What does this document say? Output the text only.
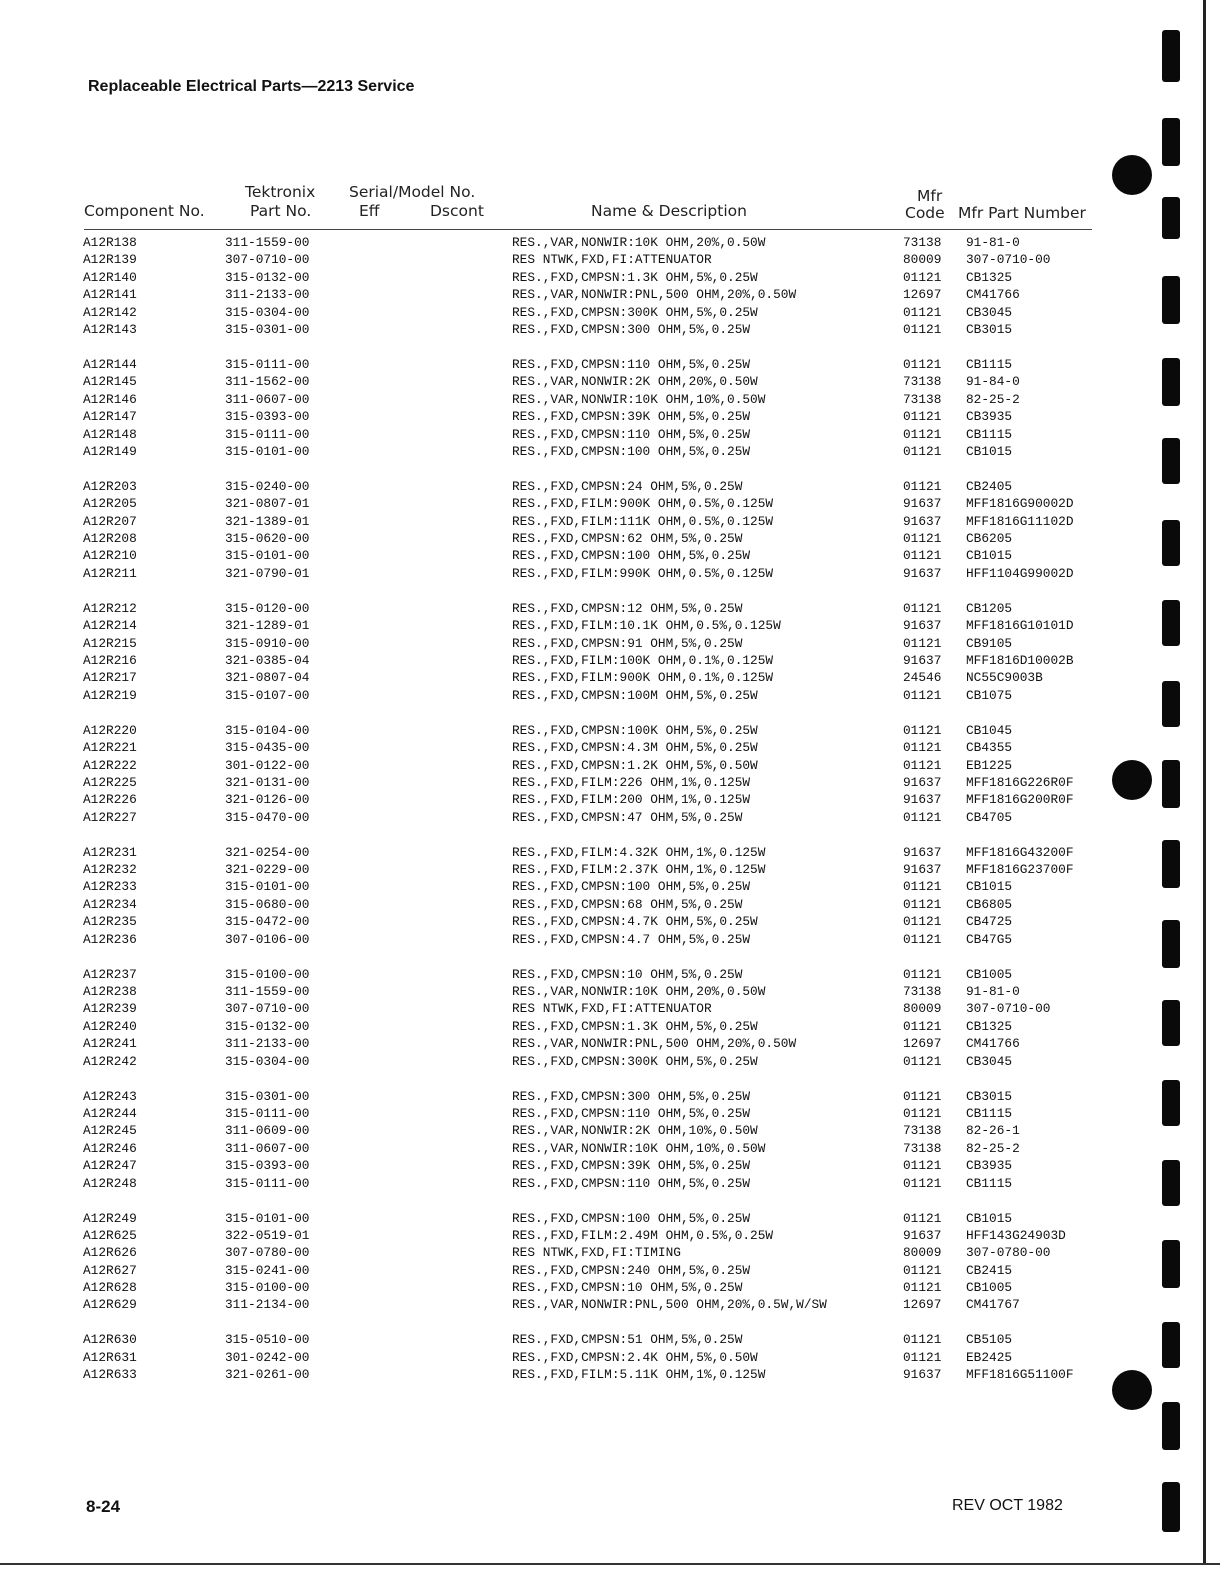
Replaceable Electrical Parts—2213 Service
Component No.
Tektronix
Part No.
Serial/Model No.
Eff	Dscont	Name & Description
Mfr
Code Mfr Part Number
A12R138	311-1559-00	RES.,VAR,NONWIR:10K OHM,20%,0.50W	73138 91-81-0
A12R139	307-0710-00	RES NTWK,FXD,FI:ATTENUATOR	80009 307-0710-00
A12R140	315-0132-00	RES.,FXD,CMPSN:1.3K OHM,5%,0.25W	01121 CB1325
A12R141	311-2133-00	RES.,VAR,NONWIR:PNL,500 OHM,20%,0.50W	12697 CM41766
A12R142	315-0304-00	RES.,FXD,CMPSN:300K OHM,5%,0.25W	01121 CB3045
A12R143	315-0301-00	RES.,FXD,CMPSN:300 OHM,5%,0.25W	01121 CB3015
A12R144	315-0111-00	RES.,FXD,CMPSN:110 OHM,5%,0.25W	01121 CB1115
A12R145	311-1562-00	RES.,VAR,NONWIR:2K OHM,20%,0.50W	73138 91-84-0
A12R146	311-0607-00	RES.,VAR,NONWIR:10K OHM,10%,0.50W	73138 82-25-2
A12R147	315-0393-00	RES.,FXD,CMPSN:39K OHM,5%,0.25W	01121 CB3935
A12R148	315-0111-00	RES.,FXD,CMPSN:110 OHM,5%,0.25W	01121 CB1115
A12R149	315-0101-00	RES.,FXD,CMPSN:100 OHM,5%,0.25W	01121 CB1015
A12R203	315-0240-00	RES.,FXD,CMPSN:24 OHM,5%,0.25W	01121 CB2405
A12R205	321-0807-01	RES.,FXD,FILM:900K OHM,0.5%,0.125W	91637 MFF1816G90002D
A12R207	321-1389-01	RES.,FXD,FILM:111K OHM,0.5%,0.125W	91637 MFF1816G11102D
A12R208	315-0620-00	RES.,FXD,CMPSN:62 OHM,5%,0.25W	01121 CB6205
A12R210	315-0101-00	RES.,FXD,CMPSN:100 OHM,5%,0.25W	01121 CB1015
A12R211	321-0790-01	RES.,FXD,FILM:990K OHM,0.5%,0.125W	91637 HFF1104G99002D
A12R212	315-0120-00	RES.,FXD,CMPSN:12 OHM,5%,0.25W	01121 CB1205
A12R214	321-1289-01	RES.,FXD,FILM:10.1K OHM,0.5%,0.125W	91637 MFF1816G10101D
A12R215	315-0910-00	RES.,FXD,CMPSN:91 OHM,5%,0.25W	01121 CB9105
A12R216	321-0385-04	RES.,FXD,FILM:100K OHM,0.1%,0.125W	91637 MFF1816D10002B
A12R217	321-0807-04	RES.,FXD,FILM:900K OHM,0.1%,0.125W	24546 NC55C9003B
A12R219	315-0107-00	RES.,FXD,CMPSN:100M OHM,5%,0.25W	01121 CB1075
A12R220	315-0104-00	RES.,FXD,CMPSN:100K OHM,5%,0.25W	01121 CB1045
A12R221	315-0435-00	RES.,FXD,CMPSN:4.3M OHM,5%,0.25W	01121 CB4355
A12R222	301-0122-00	RES.,FXD,CMPSN:1.2K OHM,5%,0.50W	01121 EB1225
A12R225	321-0131-00	RES.,FXD,FILM:226 OHM,1%,0.125W	91637 MFF1816G226R0F
A12R226	321-0126-00	RES.,FXD,FILM:200 OHM,1%,0.125W	91637 MFF1816G200R0F
A12R227	315-0470-00	RES.,FXD,CMPSN:47 OHM,5%,0.25W	01121 CB4705
A12R231	321-0254-00	RES.,FXD,FILM:4.32K OHM,1%,0.125W	91637 MFF1816G43200F
A12R232	321-0229-00	RES.,FXD,FILM:2.37K OHM,1%,0.125W	91637 MFF1816G23700F
A12R233	315-0101-00	RES.,FXD,CMPSN:100 OHM,5%,0.25W	01121 CB1015
A12R234	315-0680-00	RES.,FXD,CMPSN:68 OHM,5%,0.25W	01121 CB6805
A12R235	315-0472-00	RES.,FXD,CMPSN:4.7K OHM,5%,0.25W	01121 CB4725
A12R236	307-0106-00	RES.,FXD,CMPSN:4.7 OHM,5%,0.25W	01121 CB47G5
A12R237	315-0100-00	RES.,FXD,CMPSN:10 OHM,5%,0.25W	01121 CB1005
A12R238	311-1559-00	RES.,VAR,NONWIR:10K OHM,20%,0.50W	73138 91-81-0
A12R239	307-0710-00	RES NTWK,FXD,FI:ATTENUATOR	80009 307-0710-00
A12R240	315-0132-00	RES.,FXD,CMPSN:1.3K OHM,5%,0.25W	01121 CB1325
A12R241	311-2133-00	RES.,VAR,NONWIR:PNL,500 OHM,20%,0.50W	12697 CM41766
A12R242	315-0304-00	RES.,FXD,CMPSN:300K OHM,5%,0.25W	01121 CB3045
A12R243	315-0301-00	RES.,FXD,CMPSN:300 OHM,5%,0.25W	01121 CB3015
A12R244	315-0111-00	RES.,FXD,CMPSN:110 OHM,5%,0.25W	01121 CB1115
A12R245	311-0609-00	RES.,VAR,NONWIR:2K OHM,10%,0.50W	73138 82-26-1
A12R246	311-0607-00	RES.,VAR,NONWIR:10K OHM,10%,0.50W	73138 82-25-2
A12R247	315-0393-00	RES.,FXD,CMPSN:39K OHM,5%,0.25W	01121 CB3935
A12R248	315-0111-00	RES.,FXD,CMPSN:110 OHM,5%,0.25W	01121 CB1115
A12R249	315-0101-00	RES.,FXD,CMPSN:100 OHM,5%,0.25W	01121 CB1015
A12R625	322-0519-01	RES.,FXD,FILM:2.49M OHM,0.5%,0.25W	91637 HFF143G24903D
A12R626	307-0780-00	RES NTWK,FXD,FI:TIMING	80009 307-0780-00
A12R627	315-0241-00	RES.,FXD,CMPSN:240 OHM,5%,0.25W	01121 CB2415
A12R628	315-0100-00	RES.,FXD,CMPSN:10 OHM,5%,0.25W	01121 CB1005
A12R629	311-2134-00	RES.,VAR,NONWIR:PNL,500 OHM,20%,0.5W,W/SW	12697 CM41767
A12R630	315-0510-00	RES.,FXD,CMPSN:51 OHM,5%,0.25W	01121 CB5105
A12R631	301-0242-00	RES.,FXD,CMPSN:2.4K OHM,5%,0.50W	01121 EB2425
A12R633	321-0261-00	RES.,FXD,FILM:5.11K OHM,1%,0.125W	91637 MFF1816G51100F
8-24	REV OCT 1982
